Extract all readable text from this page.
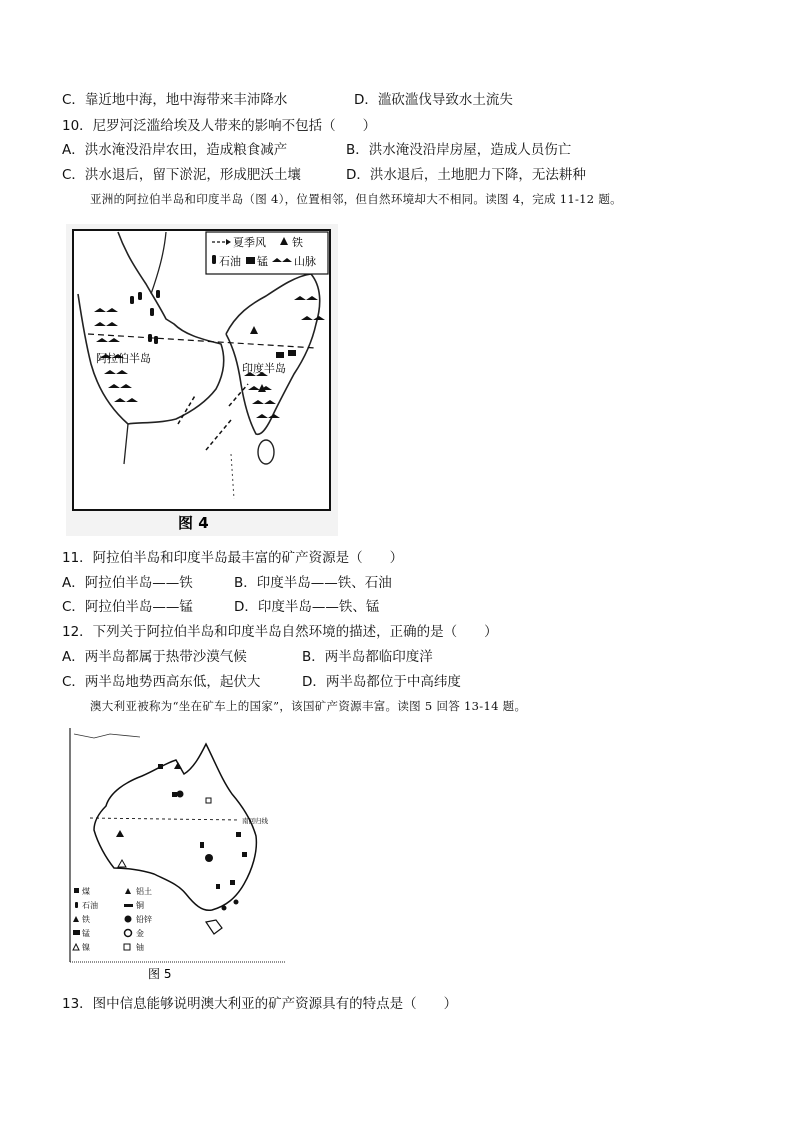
C．靠近地中海，地中海带来丰沛降水	D．滥砍滥伐导致水土流失
10．尼罗河泛滥给埃及人带来的影响不包括（　　）
A．洪水淹没沿岸农田，造成粮食减产	B．洪水淹没沿岸房屋，造成人员伤亡
C．洪水退后，留下淤泥，形成肥沃土壤	D．洪水退后，土地肥力下降，无法耕种
亚洲的阿拉伯半岛和印度半岛（图 4），位置相邻，但自然环境却大不相同。读图 4，完成 11-12 题。
阿拉伯半岛
印度半岛
夏季风 铁
石油 锰 山脉
图 4
11．阿拉伯半岛和印度半岛最丰富的矿产资源是（　　）
A．阿拉伯半岛——铁	B．印度半岛——铁、石油
C．阿拉伯半岛——锰	D．印度半岛——铁、锰
12．下列关于阿拉伯半岛和印度半岛自然环境的描述，正确的是（　　）
A．两半岛都属于热带沙漠气候	B．两半岛都临印度洋
C．两半岛地势西高东低，起伏大	D．两半岛都位于中高纬度
澳大利亚被称为“坐在矿车上的国家”，该国矿产资源丰富。读图 5 回答 13-14 题。
南回归线
煤
石油
铁
锰
镍
铝土
铜
铅锌
金
铀
图 5
13．图中信息能够说明澳大利亚的矿产资源具有的特点是（　　）
